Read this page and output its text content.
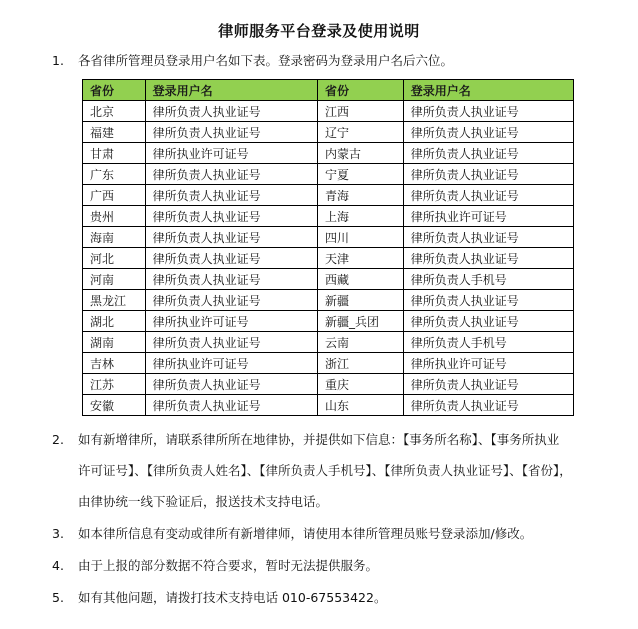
律师服务平台登录及使用说明
1. 各省律所管理员登录用户名如下表。登录密码为登录用户名后六位。
省份	登录用户名	省份	登录用户名
北京	律所负责人执业证号	江西	律所负责人执业证号
福建	律所负责人执业证号	辽宁	律所负责人执业证号
甘肃	律所执业许可证号	内蒙古	律所负责人执业证号
广东	律所负责人执业证号	宁夏	律所负责人执业证号
广西	律所负责人执业证号	青海	律所负责人执业证号
贵州	律所负责人执业证号	上海	律所执业许可证号
海南	律所负责人执业证号	四川	律所负责人执业证号
河北	律所负责人执业证号	天津	律所负责人执业证号
河南	律所负责人执业证号	西藏	律所负责人手机号
黑龙江	律所负责人执业证号	新疆	律所负责人执业证号
湖北	律所执业许可证号	新疆_兵团	律所负责人执业证号
湖南	律所负责人执业证号	云南	律所负责人手机号
吉林	律所执业许可证号	浙江	律所执业许可证号
江苏	律所负责人执业证号	重庆	律所负责人执业证号
安徽	律所负责人执业证号	山东	律所负责人执业证号
2. 如有新增律所，请联系律所所在地律协，并提供如下信息：【事务所名称】、【事务所执业
许可证号】、【律所负责人姓名】、【律所负责人手机号】、【律所负责人执业证号】、【省份】，
由律协统一线下验证后，报送技术支持电话。
3. 如本律所信息有变动或律所有新增律师，请使用本律所管理员账号登录添加/修改。
4. 由于上报的部分数据不符合要求，暂时无法提供服务。
5. 如有其他问题，请拨打技术支持电话 010-67553422。
